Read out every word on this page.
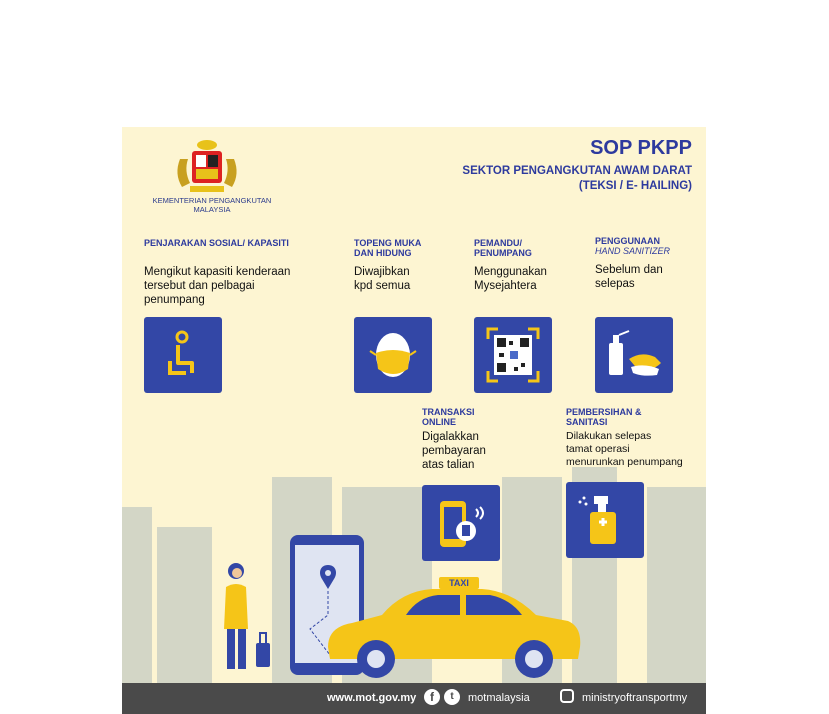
KEMENTERIAN PENGANGKUTAN
MALAYSIA
SOP PKPP
SEKTOR PENGANGKUTAN AWAM DARAT
(TEKSI / E- HAILING)
PENJARAKAN SOSIAL/ KAPASITI
Mengikut kapasiti kenderaan
tersebut dan pelbagai
penumpang
TOPENG MUKA
DAN HIDUNG
Diwajibkan
kpd semua
PEMANDU/
PENUMPANG
Menggunakan
Mysejahtera
PENGGUNAAN
HAND SANITIZER
Sebelum dan
selepas
TRANSAKSI
ONLINE
Digalakkan
pembayaran
atas talian
PEMBERSIHAN &
SANITASI
Dilakukan selepas
tamat operasi
menurunkan penumpang
TAXI
www.mot.gov.my	f	t	motmalaysia	ministryoftransportmy
